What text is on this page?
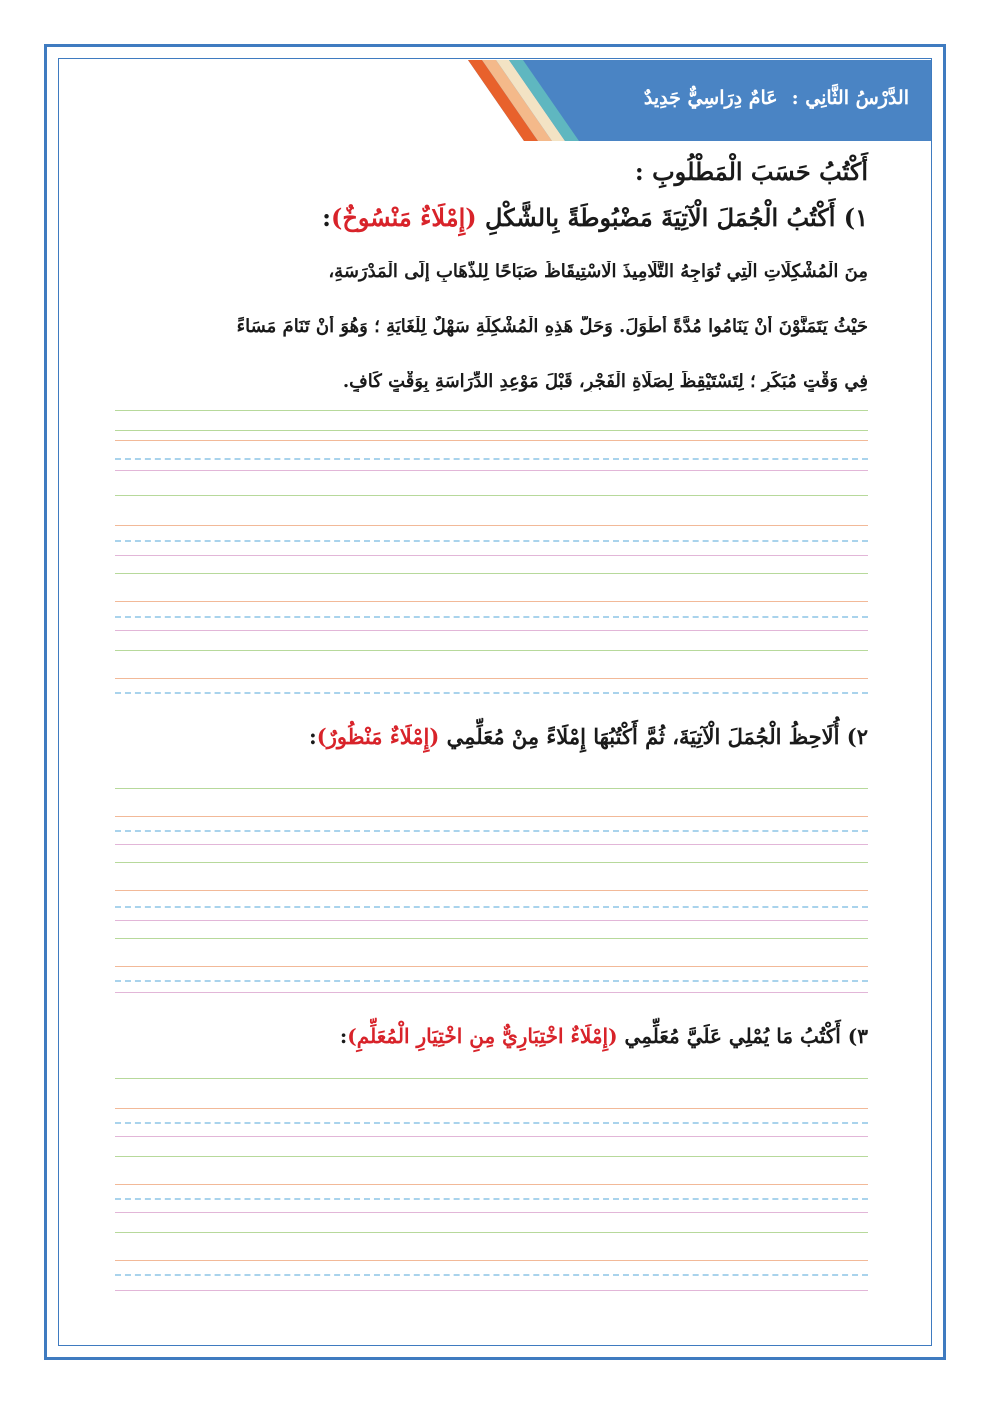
الدَّرْسُ الثَّانِي :عَامٌ دِرَاسِيٌّ جَدِيدٌ
أَكْتُبُ حَسَبَ الْمَطْلُوبِ :
١) أَكْتُبُ الْجُمَلَ الْآتِيَةَ مَضْبُوطَةً بِالشَّكْلِ (إِمْلَاءٌ مَنْسُوخٌ):
مِنَ الْمُشْكِلَاتِ الَّتِي تُوَاجِهُ التَّلَامِيذَ الْاسْتِيقَاظُ صَبَاحًا لِلذَّهَابِ إِلَى الْمَدْرَسَةِ،
حَيْثُ يَتَمَنَّوْنَ أَنْ يَنَامُوا مُدَّةً أَطْوَلَ. وَحَلُّ هَذِهِ الْمُشْكِلَةِ سَهْلٌ لِلْغَايَةِ ؛ وَهُوَ أَنْ تَنَامَ مَسَاءً
فِي وَقْتٍ مُبَكِّرٍ ؛ لِتَسْتَيْقِظَ لِصَلَاةِ الْفَجْرِ، قَبْلَ مَوْعِدِ الدِّرَاسَةِ بِوَقْتٍ كَافٍ.
٢) أُلَاحِظُ الْجُمَلَ الْآتِيَةَ، ثُمَّ أَكْتُبُهَا إِمْلَاءً مِنْ مُعَلِّمِي (إِمْلَاءٌ مَنْظُورٌ):
٣) أَكْتُبُ مَا يُمْلِي عَلَيَّ مُعَلِّمِي (إِمْلَاءٌ اخْتِبَارِيٌّ مِنِ اخْتِيَارِ الْمُعَلِّمِ):
